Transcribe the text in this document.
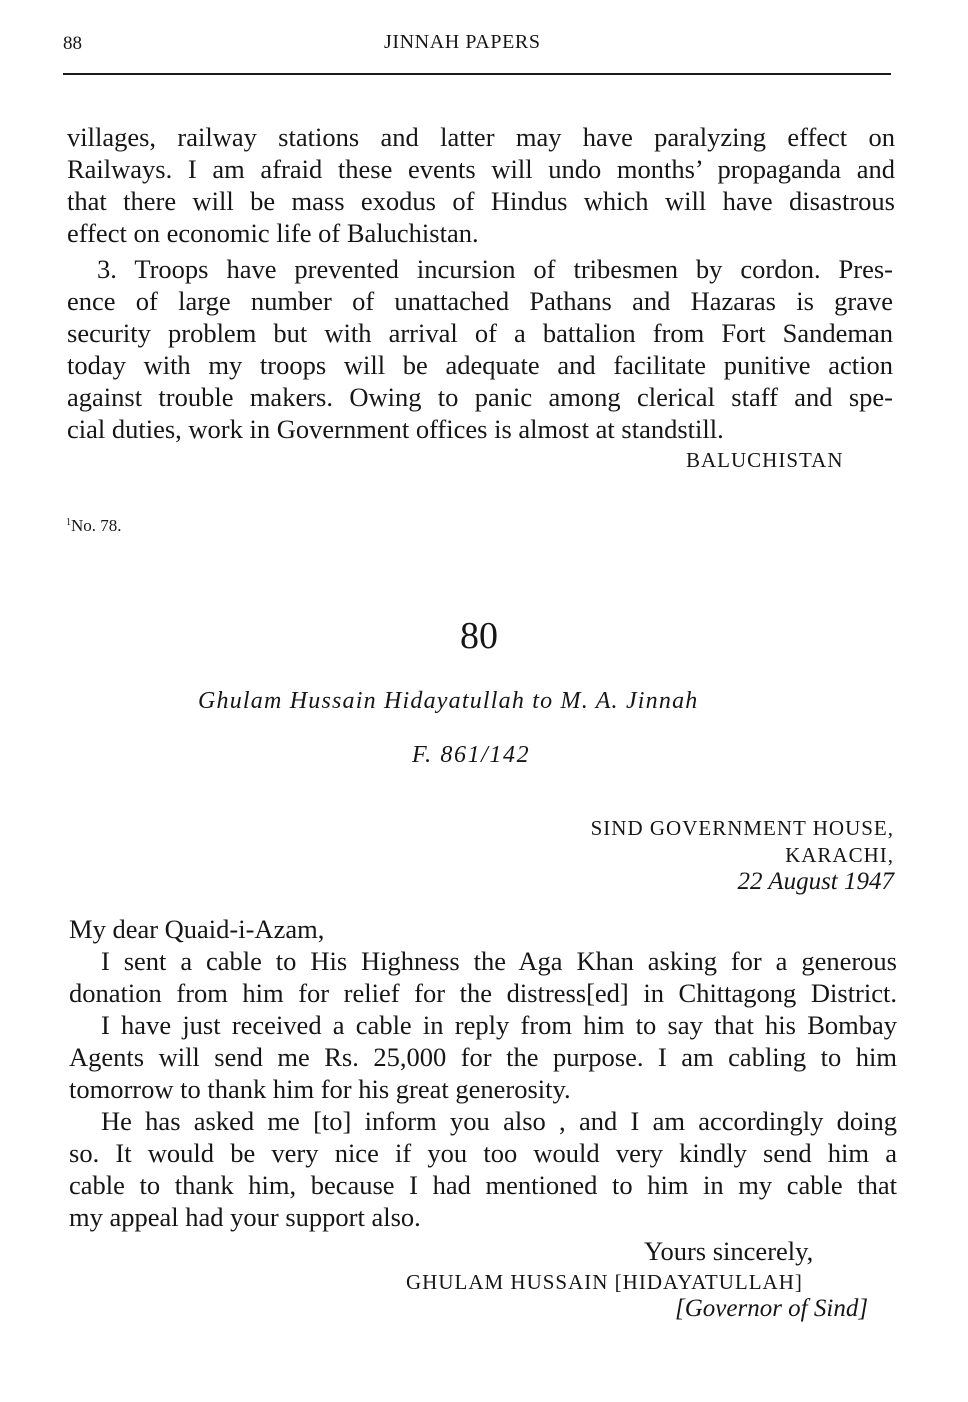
88	JINNAH PAPERS
villages, railway stations and latter may have paralyzing effect on
Railways. I am afraid these events will undo months’ propaganda and
that there will be mass exodus of Hindus which will have disastrous
effect on economic life of Baluchistan.
3. Troops have prevented incursion of tribesmen by cordon. Pres-
ence of large number of unattached Pathans and Hazaras is grave
security problem but with arrival of a battalion from Fort Sandeman
today with my troops will be adequate and facilitate punitive action
against trouble makers. Owing to panic among clerical staff and spe-
cial duties, work in Government offices is almost at standstill.
BALUCHISTAN
$^1$No. 78.
80
Ghulam Hussain Hidayatullah to M. A. Jinnah
F. 861/142
SIND GOVERNMENT HOUSE,
KARACHI,
22 August 1947
My dear Quaid-i-Azam,
I sent a cable to His Highness the Aga Khan asking for a generous
donation from him for relief for the distress[ed] in Chittagong District.
I have just received a cable in reply from him to say that his Bombay
Agents will send me Rs. 25,000 for the purpose. I am cabling to him
tomorrow to thank him for his great generosity.
He has asked me [to] inform you also , and I am accordingly doing
so. It would be very nice if you too would very kindly send him a
cable to thank him, because I had mentioned to him in my cable that
my appeal had your support also.
Yours sincerely,
GHULAM HUSSAIN [HIDAYATULLAH]
[Governor of Sind]
